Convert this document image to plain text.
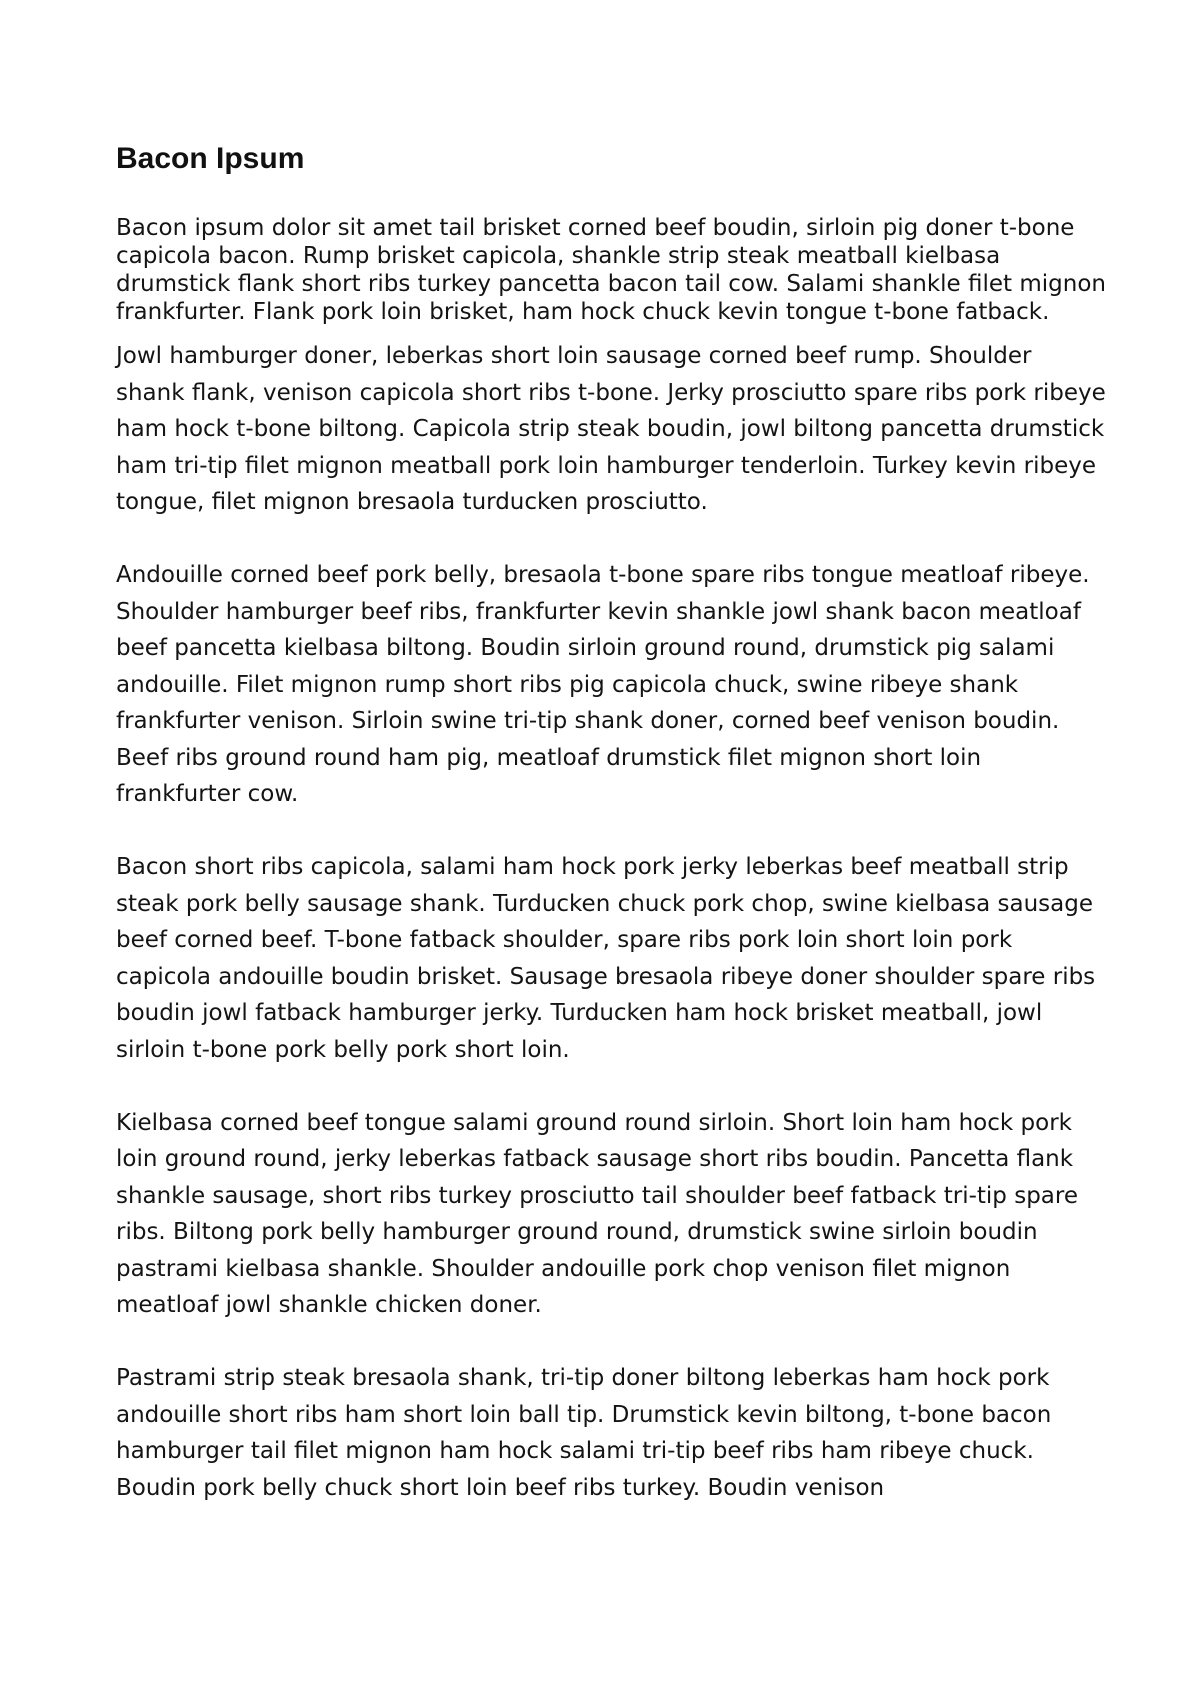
Bacon Ipsum

Bacon ipsum dolor sit amet tail brisket corned beef boudin, sirloin pig doner t-bone capicola bacon. Rump brisket capicola, shankle strip steak meatball kielbasa drumstick flank short ribs turkey pancetta bacon tail cow. Salami shankle filet mignon frankfurter. Flank pork loin brisket, ham hock chuck kevin tongue t-bone fatback.

Jowl hamburger doner, leberkas short loin sausage corned beef rump. Shoulder shank flank, venison capicola short ribs t-bone. Jerky prosciutto spare ribs pork ribeye ham hock t-bone biltong. Capicola strip steak boudin, jowl biltong pancetta drumstick ham tri-tip filet mignon meatball pork loin hamburger tenderloin. Turkey kevin ribeye tongue, filet mignon bresaola turducken prosciutto.

Andouille corned beef pork belly, bresaola t-bone spare ribs tongue meatloaf ribeye. Shoulder hamburger beef ribs, frankfurter kevin shankle jowl shank bacon meatloaf beef pancetta kielbasa biltong. Boudin sirloin ground round, drumstick pig salami andouille. Filet mignon rump short ribs pig capicola chuck, swine ribeye shank frankfurter venison. Sirloin swine tri-tip shank doner, corned beef venison boudin. Beef ribs ground round ham pig, meatloaf drumstick filet mignon short loin frankfurter cow.

Bacon short ribs capicola, salami ham hock pork jerky leberkas beef meatball strip steak pork belly sausage shank. Turducken chuck pork chop, swine kielbasa sausage beef corned beef. T-bone fatback shoulder, spare ribs pork loin short loin pork capicola andouille boudin brisket. Sausage bresaola ribeye doner shoulder spare ribs boudin jowl fatback hamburger jerky. Turducken ham hock brisket meatball, jowl sirloin t-bone pork belly pork short loin.

Kielbasa corned beef tongue salami ground round sirloin. Short loin ham hock pork loin ground round, jerky leberkas fatback sausage short ribs boudin. Pancetta flank shankle sausage, short ribs turkey prosciutto tail shoulder beef fatback tri-tip spare ribs. Biltong pork belly hamburger ground round, drumstick swine sirloin boudin pastrami kielbasa shankle. Shoulder andouille pork chop venison filet mignon meatloaf jowl shankle chicken doner.

Pastrami strip steak bresaola shank, tri-tip doner biltong leberkas ham hock pork andouille short ribs ham short loin ball tip. Drumstick kevin biltong, t-bone bacon hamburger tail filet mignon ham hock salami tri-tip beef ribs ham ribeye chuck. Boudin pork belly chuck short loin beef ribs turkey. Boudin venison
